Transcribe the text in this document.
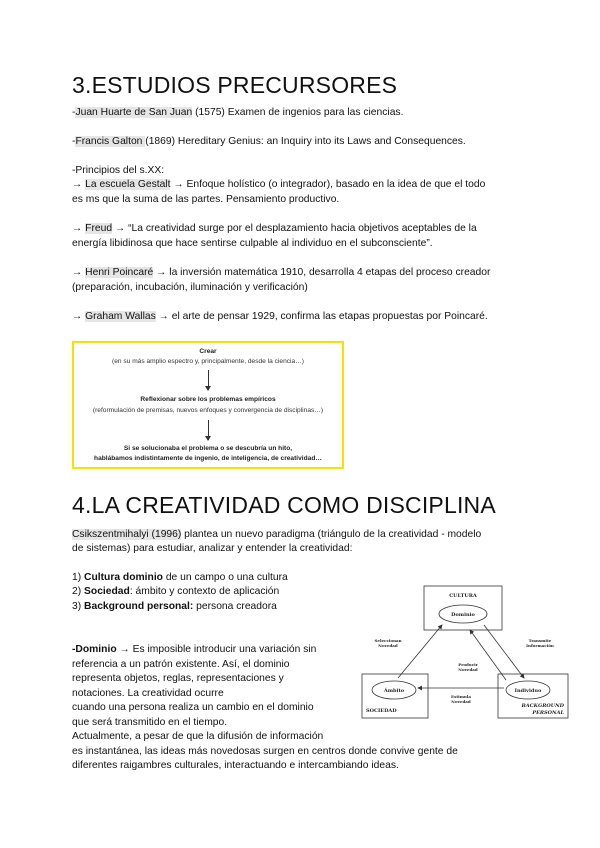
3.ESTUDIOS PRECURSORES

-Juan Huarte de San Juan (1575) Examen de ingenios para las ciencias.

-Francis Galton (1869) Hereditary Genius: an Inquiry into its Laws and Consequences.

-Principios del s.XX:

→ La escuela Gestalt → Enfoque holístico (o integrador), basado en la idea de que el todo

es ms que la suma de las partes. Pensamiento productivo.

→ Freud → “La creatividad surge por el desplazamiento hacia objetivos aceptables de la

energía libidinosa que hace sentirse culpable al individuo en el subconsciente”.

→ Henri Poincaré → la inversión matemática 1910, desarrolla 4 etapas del proceso creador

(preparación, incubación, iluminación y verificación)

→ Graham Wallas → el arte de pensar 1929, confirma las etapas propuestas por Poincaré.

Crear
(en su más amplio espectro y, principalmente, desde la ciencia…)
Reflexionar sobre los problemas empíricos
(reformulación de premisas, nuevos enfoques y convergencia de disciplinas…)
Si se solucionaba el problema o se descubría un hito,
hablábamos indistintamente de ingenio, de inteligencia, de creatividad…
4.LA CREATIVIDAD COMO DISCIPLINA

Csikszentmihalyi (1996) plantea un nuevo paradigma (triángulo de la creatividad - modelo

de sistemas) para estudiar, analizar y entender la creatividad:

1) Cultura dominio de un campo o una cultura

2) Sociedad: ámbito y contexto de aplicación

3) Background personal: persona creadora

-Dominio → Es imposible introducir una variación sin

referencia a un patrón existente. Así, el dominio

representa objetos, reglas, representaciones y

notaciones. La creatividad ocurre

cuando una persona realiza un cambio en el dominio

que será transmitido en el tiempo.

Actualmente, a pesar de que la difusión de información

es instantánea, las ideas más novedosas surgen en centros donde convive gente de

diferentes raigambres culturales, interactuando e intercambiando ideas.

CULTURA
Dominio
Ámbito
SOCIEDAD
Individuo
BACKGROUND
PERSONAL
Seleccionan
Novedad
Transmite
Información
Producir
Novedad
Estimula
Novedad
